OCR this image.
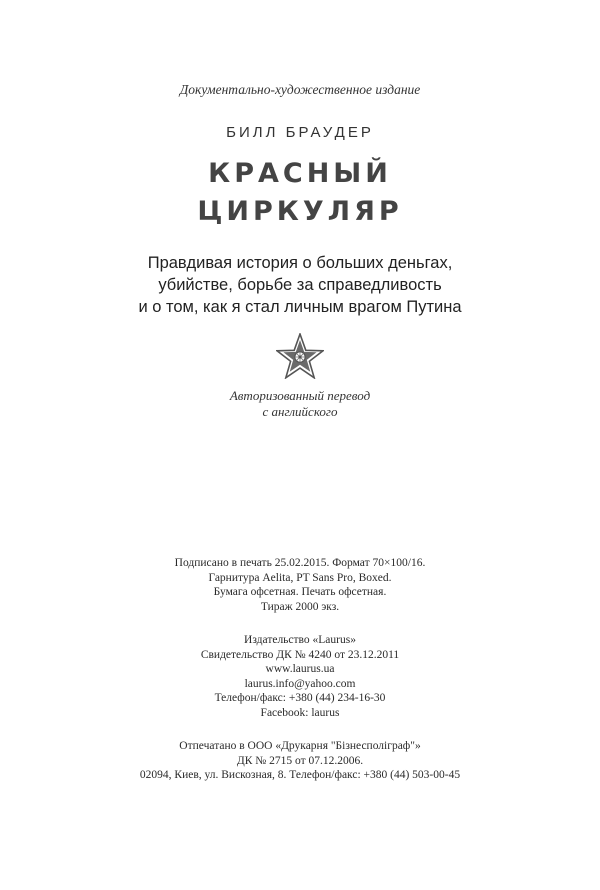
Документально-художественное издание
БИЛЛ БРАУДЕР
КРАСНЫЙ
ЦИРКУЛЯР
Правдивая история о больших деньгах,
убийстве, борьбе за справедливость
и о том, как я стал личным врагом Путина
Авторизованный перевод
с английского
Подписано в печать 25.02.2015. Формат 70×100/16.
Гарнитура Aelita, PT Sans Pro, Boxed.
Бумага офсетная. Печать офсетная.
Тираж 2000 экз.
Издательство «Laurus»
Свидетельство ДК № 4240 от 23.12.2011
www.laurus.ua
laurus.info@yahoo.com
Телефон/факс: +380 (44) 234-16-30
Facebook: laurus
Отпечатано в ООО «Друкарня "Бізнесполіграф"»
ДК № 2715 от 07.12.2006.
02094, Киев, ул. Вискозная, 8. Телефон/факс: +380 (44) 503-00-45
